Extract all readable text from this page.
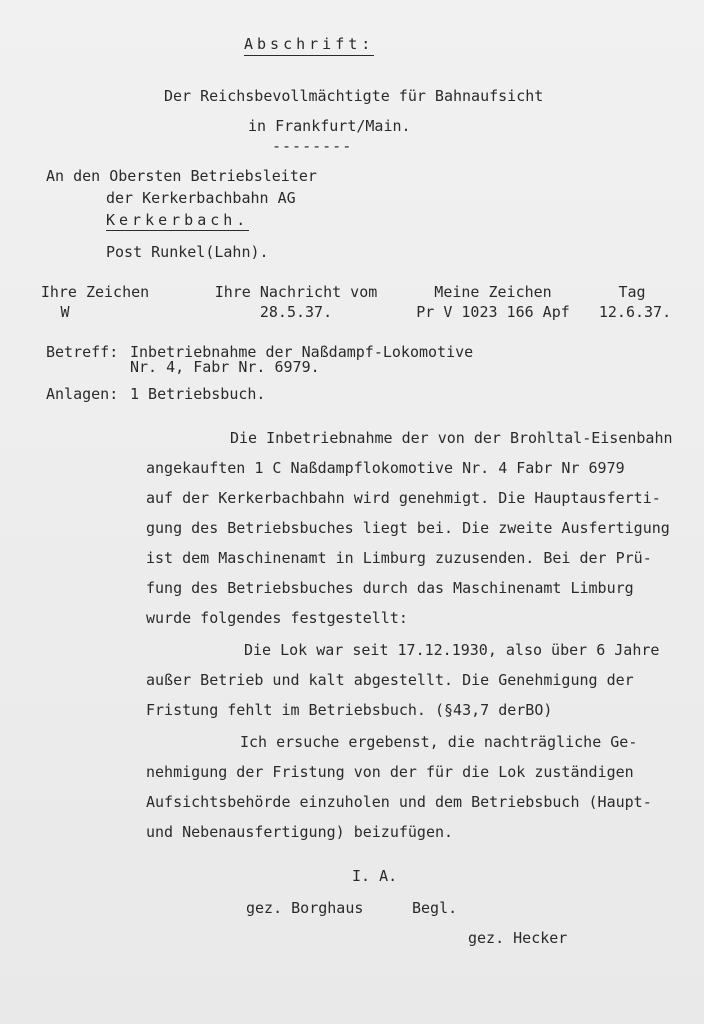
Abschrift:
Der Reichsbevollmächtigte für Bahnaufsicht
in Frankfurt/Main.
--------
An den Obersten Betriebsleiter
der Kerkerbachbahn AG
Kerkerbach.
Post Runkel(Lahn).
Ihre Zeichen	Ihre Nachricht vom	Meine Zeichen	Tag
W	28.5.37.	Pr V 1023 166 Apf	12.6.37.
Betreff: Inbetriebnahme der Naßdampf-Lokomotive
Nr. 4, Fabr Nr. 6979.
Anlagen: 1 Betriebsbuch.
Die Inbetriebnahme der von der Brohltal-Eisenbahn
angekauften 1 C Naßdampflokomotive Nr. 4 Fabr Nr 6979
auf der Kerkerbachbahn wird genehmigt. Die Hauptausferti-
gung des Betriebsbuches liegt bei. Die zweite Ausfertigung
ist dem Maschinenamt in Limburg zuzusenden. Bei der Prü-
fung des Betriebsbuches durch das Maschinenamt Limburg
wurde folgendes festgestellt:
Die Lok war seit 17.12.1930, also über 6 Jahre
außer Betrieb und kalt abgestellt. Die Genehmigung der
Fristung fehlt im Betriebsbuch. (§43,7 derBO)
Ich ersuche ergebenst, die nachträgliche Ge-
nehmigung der Fristung von der für die Lok zuständigen
Aufsichtsbehörde einzuholen und dem Betriebsbuch (Haupt-
und Nebenausfertigung) beizufügen.
I. A.
gez. Borghaus	Begl.
gez. Hecker
